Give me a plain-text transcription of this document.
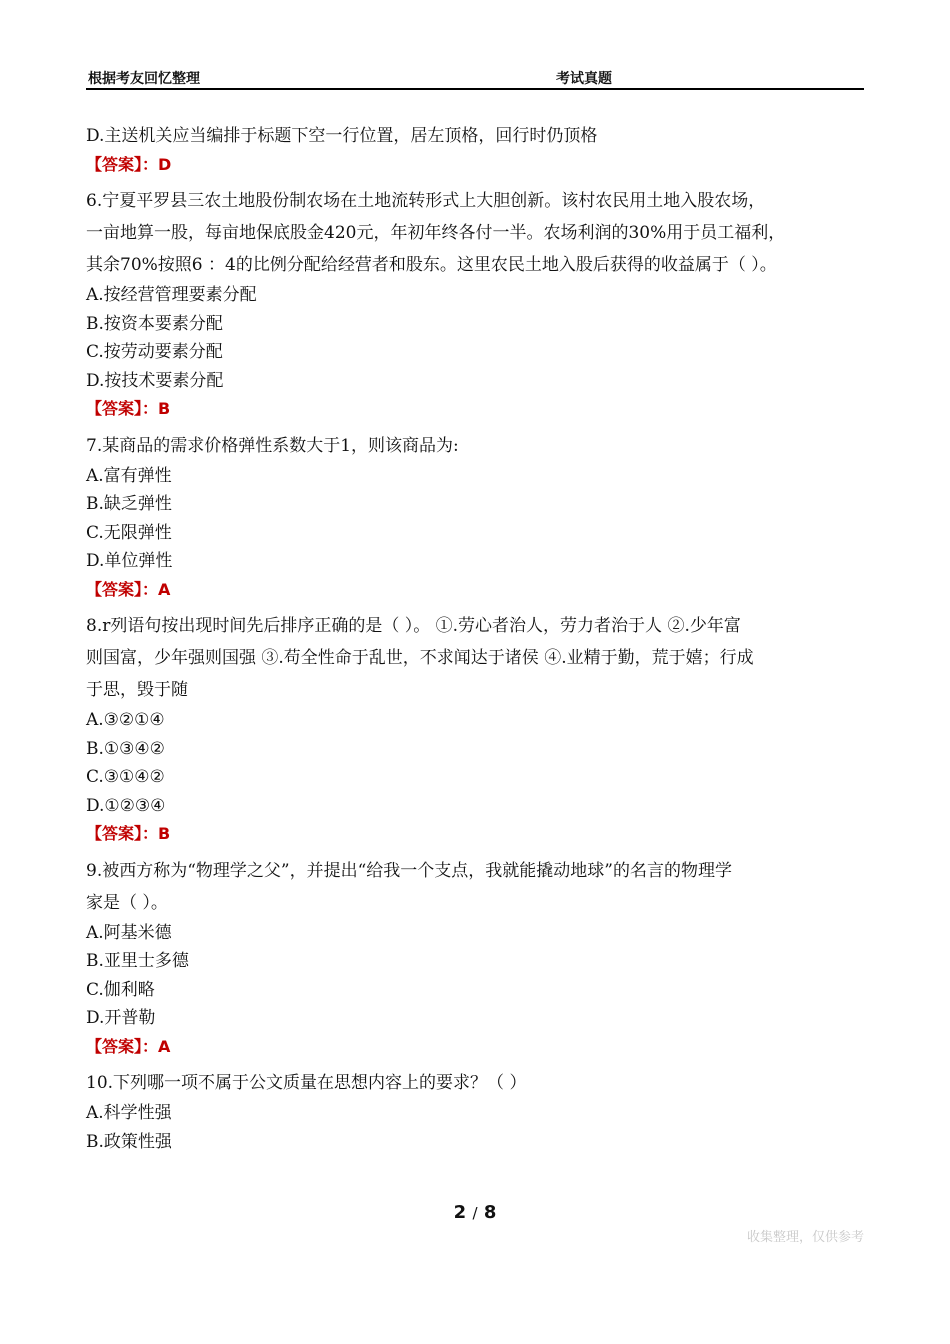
根据考友回忆整理	考试真题
D.主送机关应当编排于标题下空一行位置，居左顶格，回行时仍顶格
【答案】：D
6.宁夏平罗县三农土地股份制农场在土地流转形式上大胆创新。该村农民用土地入股农场，
一亩地算一股，每亩地保底股金420元，年初年终各付一半。农场利润的30%用于员工福利，
其余70%按照6 ：4的比例分配给经营者和股东。这里农民土地入股后获得的收益属于（ ）。
A.按经营管理要素分配
B.按资本要素分配
C.按劳动要素分配
D.按技术要素分配
【答案】：B
7.某商品的需求价格弹性系数大于1，则该商品为:
A.富有弹性
B.缺乏弹性
C.无限弹性
D.单位弹性
【答案】：A
8.r列语句按出现时间先后排序正确的是（ ）。 ①.劳心者治人，劳力者治于人 ②.少年富
则国富，少年强则国强 ③.苟全性命于乱世，不求闻达于诸侯 ④.业精于勤，荒于嬉；行成
于思，毁于随
A.③②①④
B.①③④②
C.③①④②
D.①②③④
【答案】：B
9.被西方称为“物理学之父”，并提出“给我一个支点，我就能撬动地球”的名言的物理学
家是（ ）。
A.阿基米德
B.亚里士多德
C.伽利略
D.开普勒
【答案】：A
10.下列哪一项不属于公文质量在思想内容上的要求？（ ）
A.科学性强
B.政策性强
2 / 8
收集整理，仅供参考
